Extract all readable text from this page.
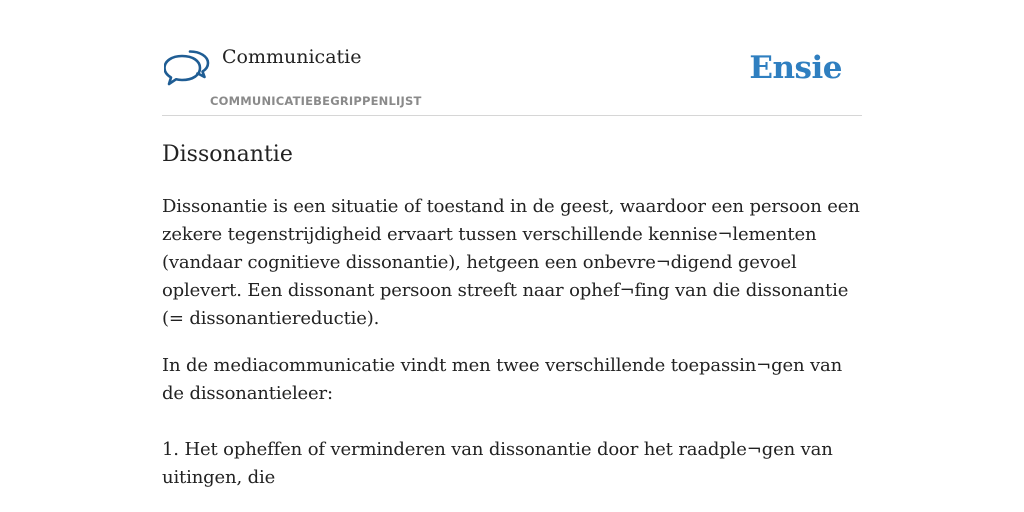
Communicatie
COMMUNICATIEBEGRIPPENLIJST
Ensie
Dissonantie

Dissonantie is een situatie of toestand in de geest, waardoor een persoon een zekere tegenstrijdigheid ervaart tussen verschillende kennise¬lementen (vandaar cognitieve dissonantie), hetgeen een onbevre¬digend gevoel oplevert. Een dissonant persoon streeft naar ophef¬fing van die dissonantie (= dissonantiereductie).

In de mediacommunicatie vindt men twee verschillende toepassin¬gen van de dissonantieleer:

1. Het opheffen of verminderen van dissonantie door het raadple¬gen van uitingen, die
